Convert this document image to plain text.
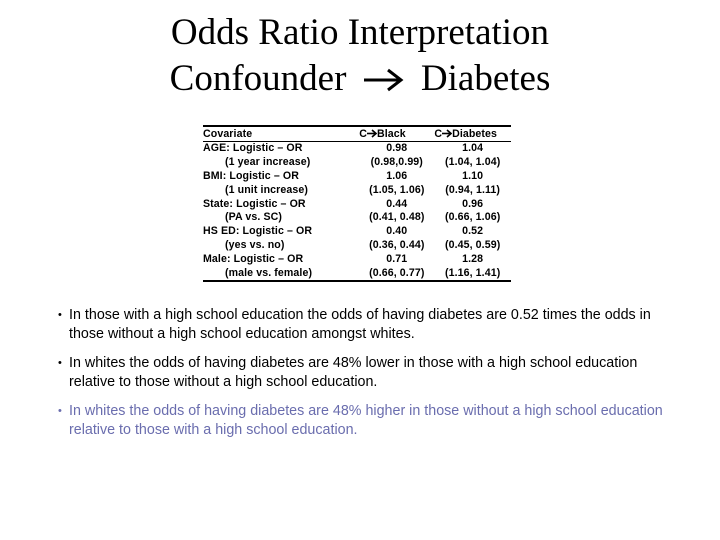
Odds Ratio Interpretation
Confounder Diabetes
Covariate	C Black	C Diabetes
AGE: Logistic – OR	0.98	1.04
(1 year increase)	(0.98,0.99)	(1.04, 1.04)
BMI: Logistic – OR	1.06	1.10
(1 unit increase)	(1.05, 1.06)	(0.94, 1.11)
State: Logistic – OR	0.44	0.96
(PA vs. SC)	(0.41, 0.48)	(0.66, 1.06)
HS ED: Logistic – OR	0.40	0.52
(yes vs. no)	(0.36, 0.44)	(0.45, 0.59)
Male: Logistic – OR	0.71	1.28
(male vs. female)	(0.66, 0.77)	(1.16, 1.41)
• In those with a high school education the odds of having diabetes are 0.52 times the odds in those without a high school education amongst whites.
• In whites the odds of having diabetes are 48% lower in those with a high school education relative to those without a high school education.
• In whites the odds of having diabetes are 48% higher in those without a high school education relative to those with a high school education.
